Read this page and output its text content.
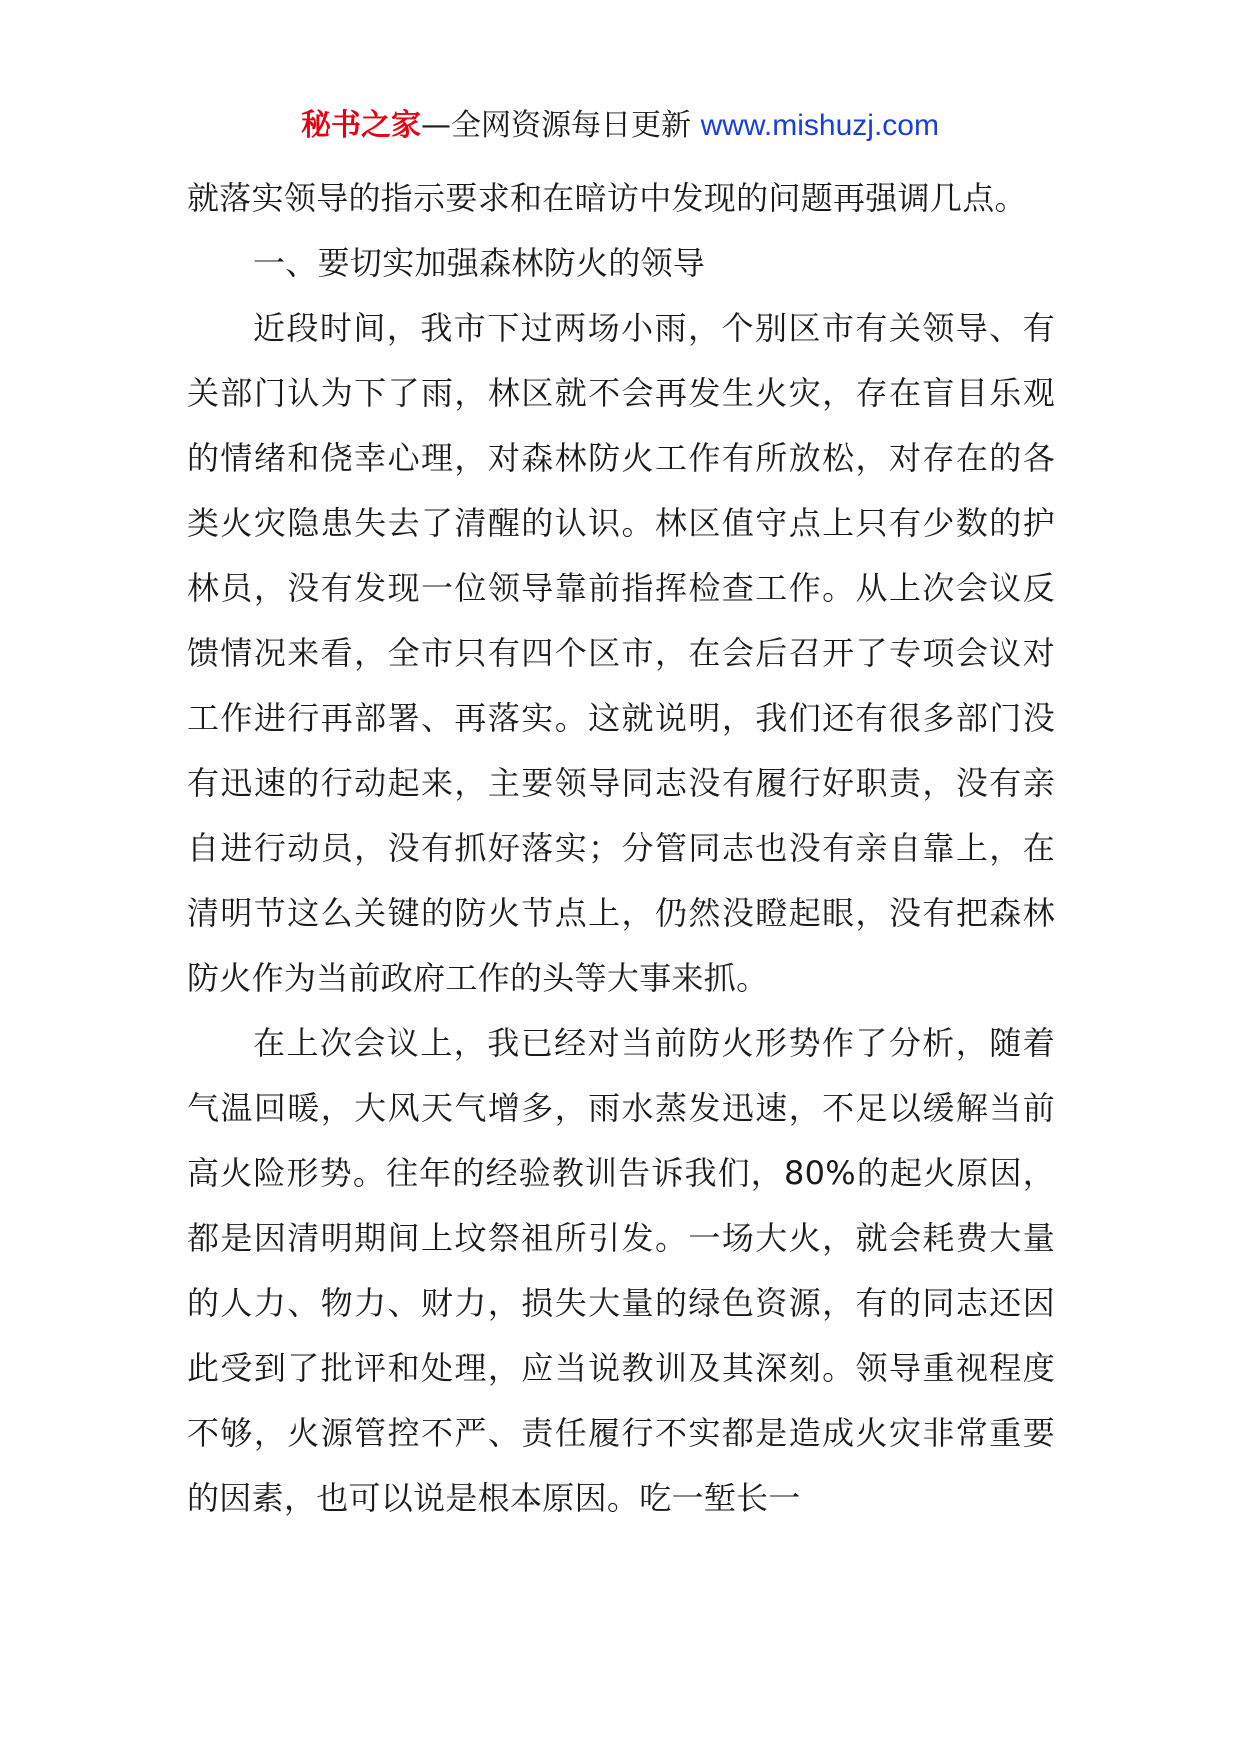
秘书之家—全网资源每日更新 www.mishuzj.com

就落实领导的指示要求和在暗访中发现的问题再强调几点。

一、要切实加强森林防火的领导

近段时间，我市下过两场小雨，个别区市有关领导、有关部门认为下了雨，林区就不会再发生火灾，存在盲目乐观的情绪和侥幸心理，对森林防火工作有所放松，对存在的各类火灾隐患失去了清醒的认识。林区值守点上只有少数的护林员，没有发现一位领导靠前指挥检查工作。从上次会议反馈情况来看，全市只有四个区市，在会后召开了专项会议对工作进行再部署、再落实。这就说明，我们还有很多部门没有迅速的行动起来，主要领导同志没有履行好职责，没有亲自进行动员，没有抓好落实；分管同志也没有亲自靠上，在清明节这么关键的防火节点上，仍然没瞪起眼，没有把森林防火作为当前政府工作的头等大事来抓。

在上次会议上，我已经对当前防火形势作了分析，随着气温回暖，大风天气增多，雨水蒸发迅速，不足以缓解当前高火险形势。往年的经验教训告诉我们，80%的起火原因，都是因清明期间上坟祭祖所引发。一场大火，就会耗费大量的人力、物力、财力，损失大量的绿色资源，有的同志还因此受到了批评和处理，应当说教训及其深刻。领导重视程度不够，火源管控不严、责任履行不实都是造成火灾非常重要的因素，也可以说是根本原因。吃一堑长一
